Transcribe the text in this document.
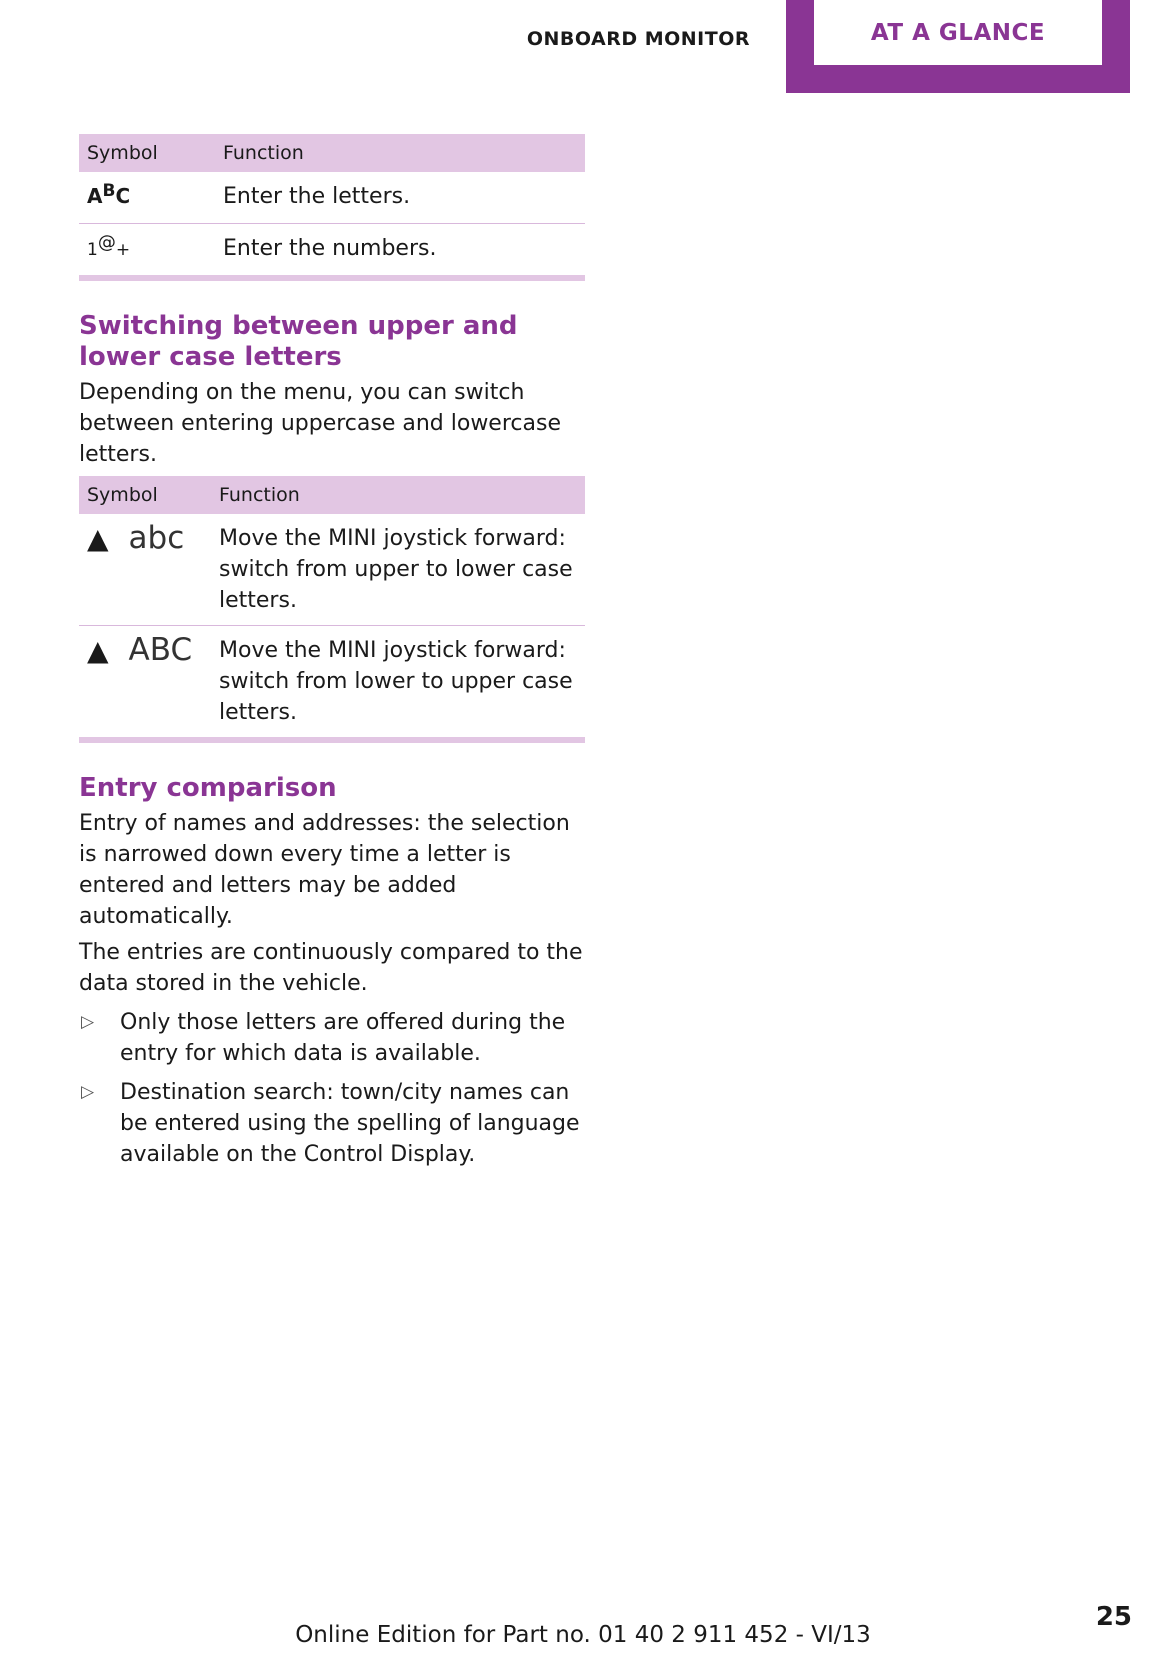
ONBOARD MONITOR	AT A GLANCE
Symbol	Function
$A^BC$	Enter the letters.
1@+	Enter the numbers.
Switching between upper and lower case letters

Depending on the menu, you can switch between entering uppercase and lowercase letters.

Symbol	Function

▲ abc	Move the MINI joystick forward: switch from upper to lower case letters.

▲ ABC	Move the MINI joystick forward: switch from lower to upper case letters.
Entry comparison

Entry of names and addresses: the selection is narrowed down every time a letter is entered and letters may be added automatically.

The entries are continuously compared to the data stored in the vehicle.

▷ Only those letters are offered during the entry for which data is available.
▷ Destination search: town/city names can be entered using the spelling of language available on the Control Display.
Online Edition for Part no. 01 40 2 911 452 - VI/13
25
